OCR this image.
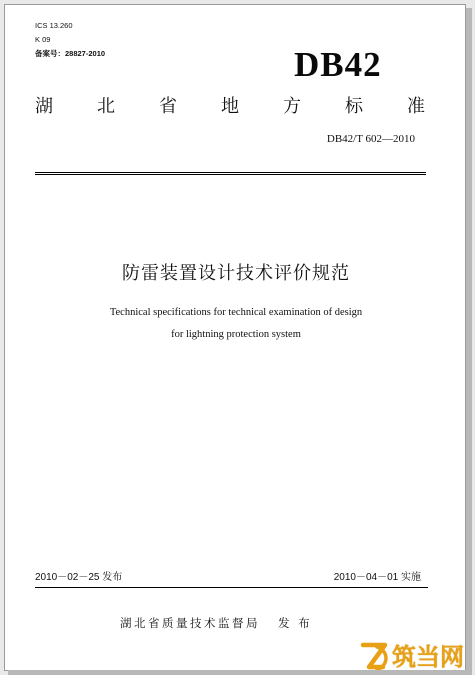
ICS 13.260
K 09
备案号：28827-2010	DB42
湖 北 省 地 方 标 准
DB42/T 602—2010
防雷装置设计技术评价规范
Technical specifications for technical examination of design
for lightning protection system
2010－02－25 发布	2010－04－01 实施
湖北省质量技术监督局 发 布
筑当网
